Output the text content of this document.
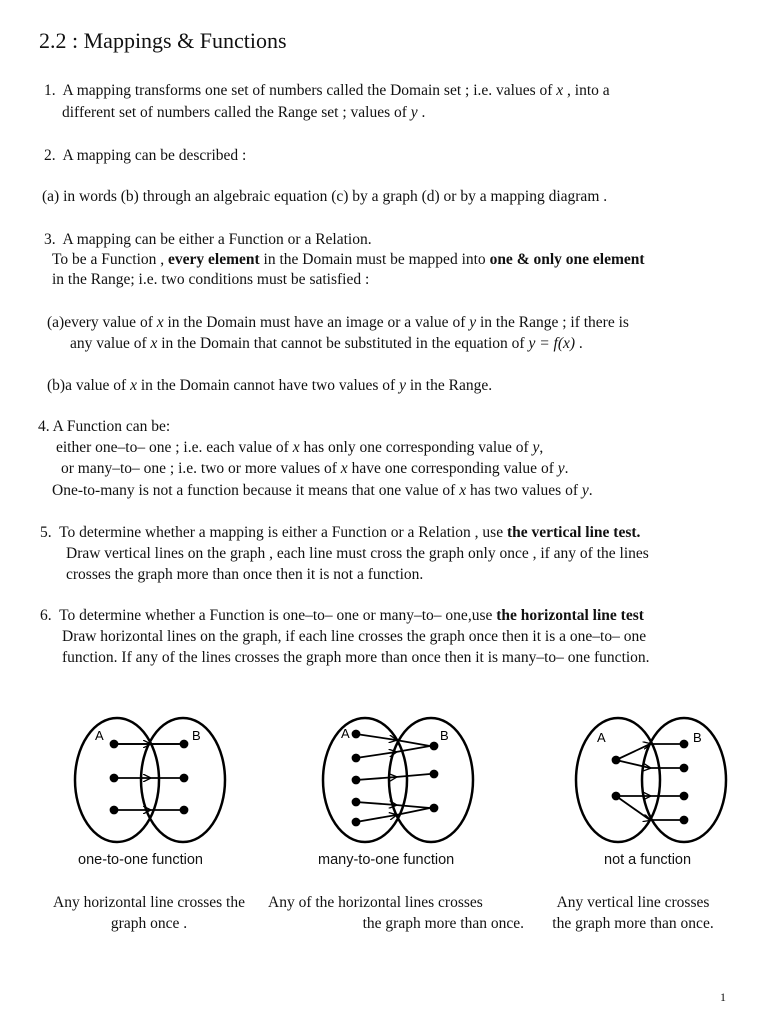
2.2 : Mappings & Functions
1. A mapping transforms one set of numbers called the Domain set ; i.e. values of x , into a
different set of numbers called the Range set ; values of y .
2. A mapping can be described :
(a) in words (b) through an algebraic equation (c) by a graph (d) or by a mapping diagram .
3. A mapping can be either a Function or a Relation.
To be a Function , every element in the Domain must be mapped into one & only one element
in the Range; i.e. two conditions must be satisfied :
(a)every value of x in the Domain must have an image or a value of y in the Range ; if there is
any value of x in the Domain that cannot be substituted in the equation of y = f(x) .
(b)a value of x in the Domain cannot have two values of y in the Range.
4. A Function can be:
either one–to– one ; i.e. each value of x has only one corresponding value of y,
or many–to– one ; i.e. two or more values of x have one corresponding value of y.
One-to-many is not a function because it means that one value of x has two values of y.
5. To determine whether a mapping is either a Function or a Relation , use the vertical line test.
Draw vertical lines on the graph , each line must cross the graph only once , if any of the lines
crosses the graph more than once then it is not a function.
6. To determine whether a Function is one–to– one or many–to– one,use the horizontal line test
Draw horizontal lines on the graph, if each line crosses the graph once then it is a one–to– one
function. If any of the lines crosses the graph more than once then it is many–to– one function.
A	B	A	B	A	B
one-to-one function	many-to-one function	not a function
Any horizontal line crosses the
graph once .
Any of the horizontal lines crosses
the graph more than once.
Any vertical line crosses
the graph more than once.
1
